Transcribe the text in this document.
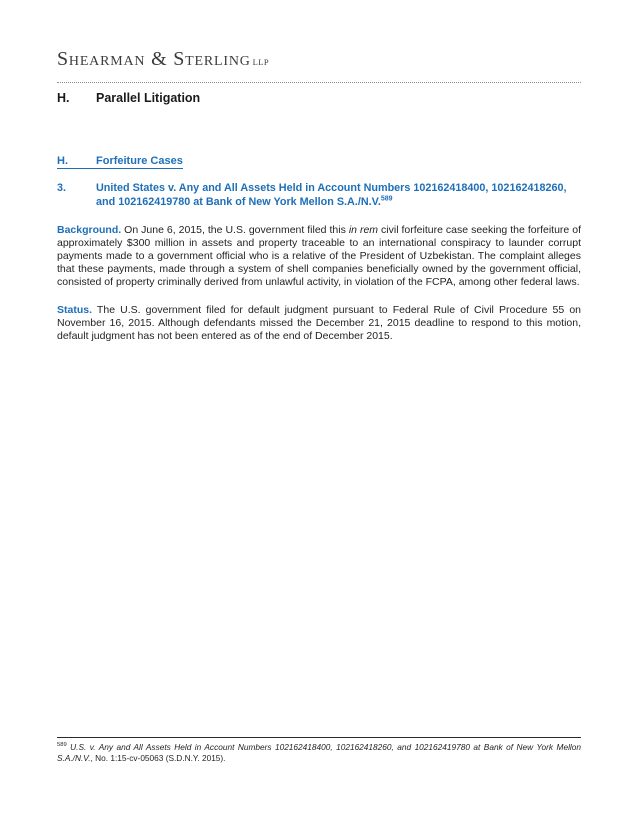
Shearman & Sterling LLP
H.	Parallel Litigation
H.	Forfeiture Cases
3.	United States v. Any and All Assets Held in Account Numbers 102162418400, 102162418260, and 102162419780 at Bank of New York Mellon S.A./N.V.$^{589}$

Background. On June 6, 2015, the U.S. government filed this in rem civil forfeiture case seeking the forfeiture of approximately $300 million in assets and property traceable to an international conspiracy to launder corrupt payments made to a government official who is a relative of the President of Uzbekistan. The complaint alleges that these payments, made through a system of shell companies beneficially owned by the government official, consisted of property criminally derived from unlawful activity, in violation of the FCPA, among other federal laws.

Status. The U.S. government filed for default judgment pursuant to Federal Rule of Civil Procedure 55 on November 16, 2015. Although defendants missed the December 21, 2015 deadline to respond to this motion, default judgment has not been entered as of the end of December 2015.

$^{589}$ U.S. v. Any and All Assets Held in Account Numbers 102162418400, 102162418260, and 102162419780 at Bank of New York Mellon S.A./N.V., No. 1:15-cv-05063 (S.D.N.Y. 2015).
